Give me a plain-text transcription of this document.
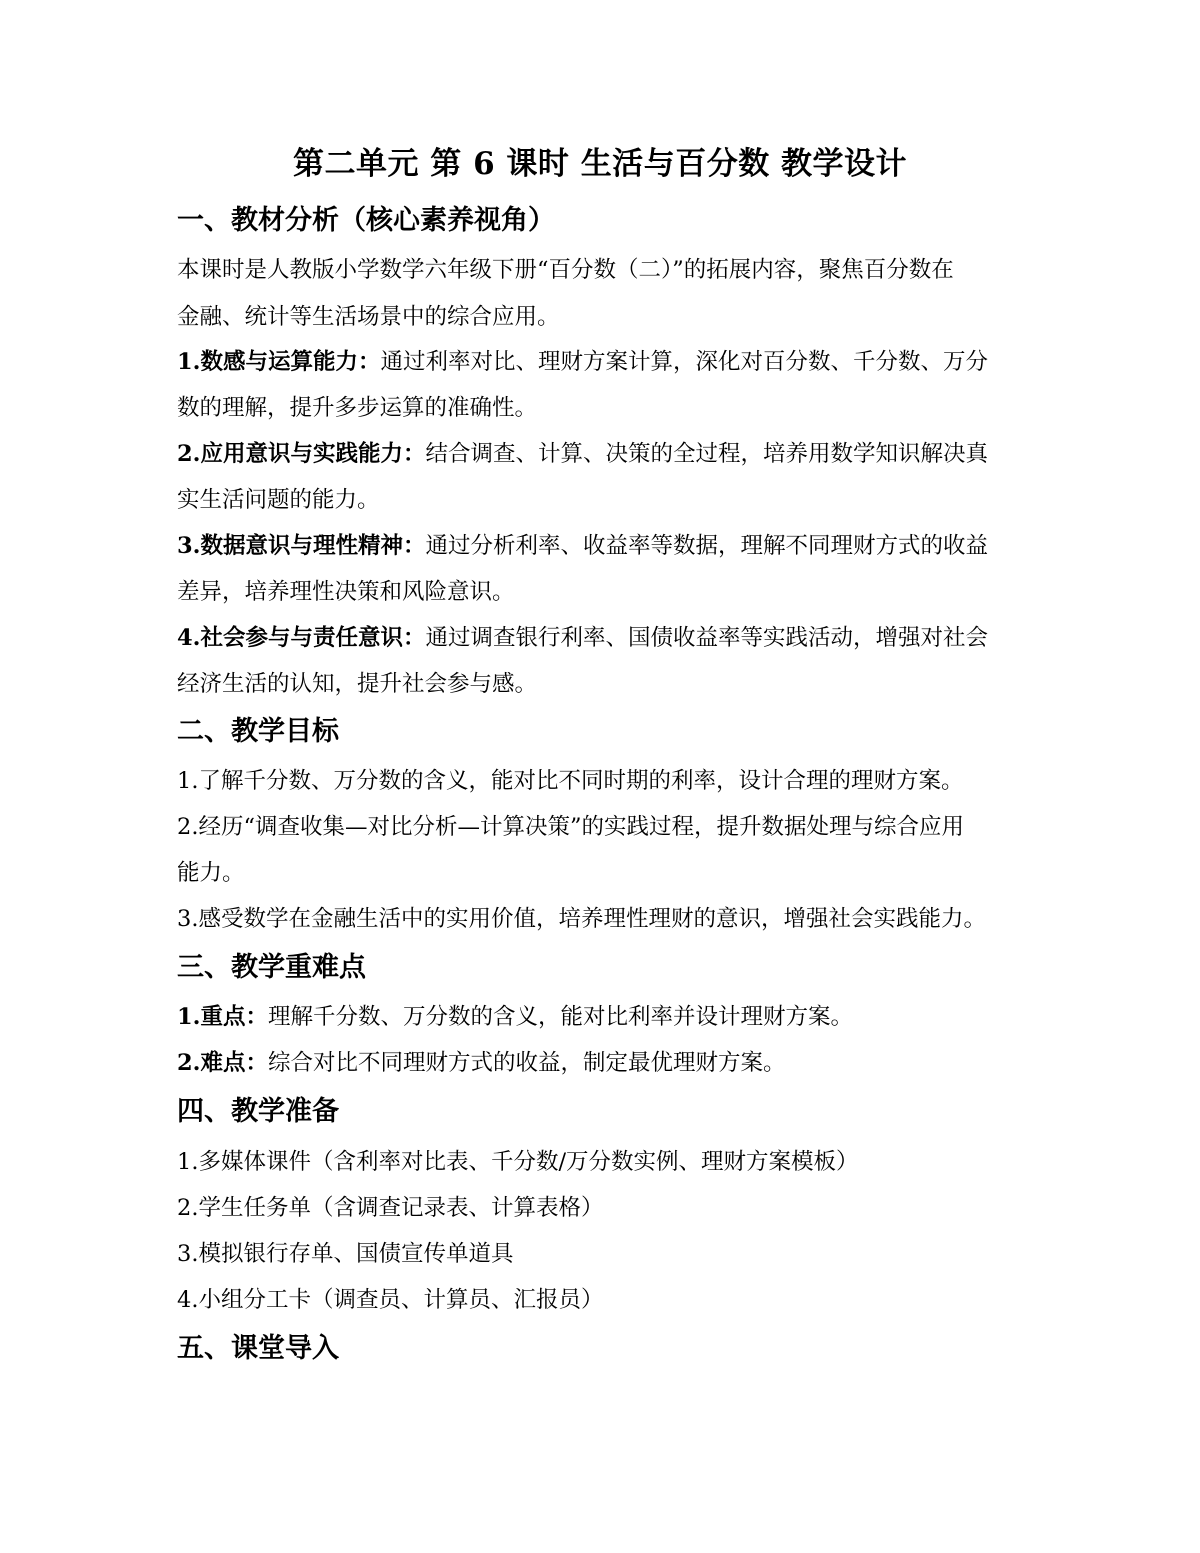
第二单元 第 6 课时 生活与百分数 教学设计
一、教材分析（核心素养视角）
本课时是人教版小学数学六年级下册“百分数（二）”的拓展内容，聚焦百分数在
金融、统计等生活场景中的综合应用。
1.数感与运算能力：通过利率对比、理财方案计算，深化对百分数、千分数、万分
数的理解，提升多步运算的准确性。
2.应用意识与实践能力：结合调查、计算、决策的全过程，培养用数学知识解决真
实生活问题的能力。
3.数据意识与理性精神：通过分析利率、收益率等数据，理解不同理财方式的收益
差异，培养理性决策和风险意识。
4.社会参与与责任意识：通过调查银行利率、国债收益率等实践活动，增强对社会
经济生活的认知，提升社会参与感。
二、教学目标
1.了解千分数、万分数的含义，能对比不同时期的利率，设计合理的理财方案。
2.经历“调查收集—对比分析—计算决策”的实践过程，提升数据处理与综合应用
能力。
3.感受数学在金融生活中的实用价值，培养理性理财的意识，增强社会实践能力。
三、教学重难点
1.重点：理解千分数、万分数的含义，能对比利率并设计理财方案。
2.难点：综合对比不同理财方式的收益，制定最优理财方案。
四、教学准备
1.多媒体课件（含利率对比表、千分数/万分数实例、理财方案模板）
2.学生任务单（含调查记录表、计算表格）
3.模拟银行存单、国债宣传单道具
4.小组分工卡（调查员、计算员、汇报员）
五、课堂导入
